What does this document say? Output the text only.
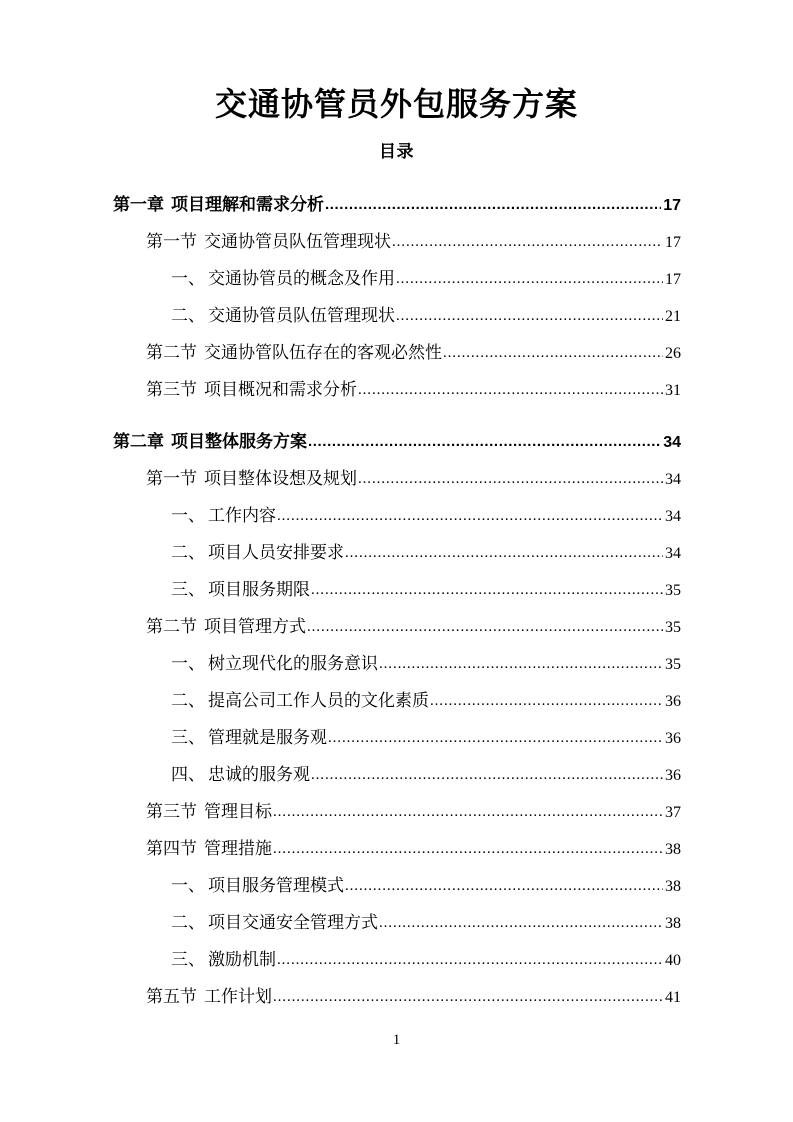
交通协管员外包服务方案
目录
第一章 项目理解和需求分析 .....	17
第一节 交通协管员队伍管理现状 .....	17
一、 交通协管员的概念及作用 .....	17
二、 交通协管员队伍管理现状 .....	21
第二节 交通协管队伍存在的客观必然性 .....	26
第三节 项目概况和需求分析 .....	31
第二章 项目整体服务方案 .....	34
第一节 项目整体设想及规划 .....	34
一、 工作内容 .....	34
二、 项目人员安排要求 .....	34
三、 项目服务期限 .....	35
第二节 项目管理方式 .....	35
一、 树立现代化的服务意识 .....	35
二、 提高公司工作人员的文化素质 .....	36
三、 管理就是服务观 .....	36
四、 忠诚的服务观 .....	36
第三节 管理目标 .....	37
第四节 管理措施 .....	38
一、 项目服务管理模式 .....	38
二、 项目交通安全管理方式 .....	38
三、 激励机制 .....	40
第五节 工作计划 .....	41
1
